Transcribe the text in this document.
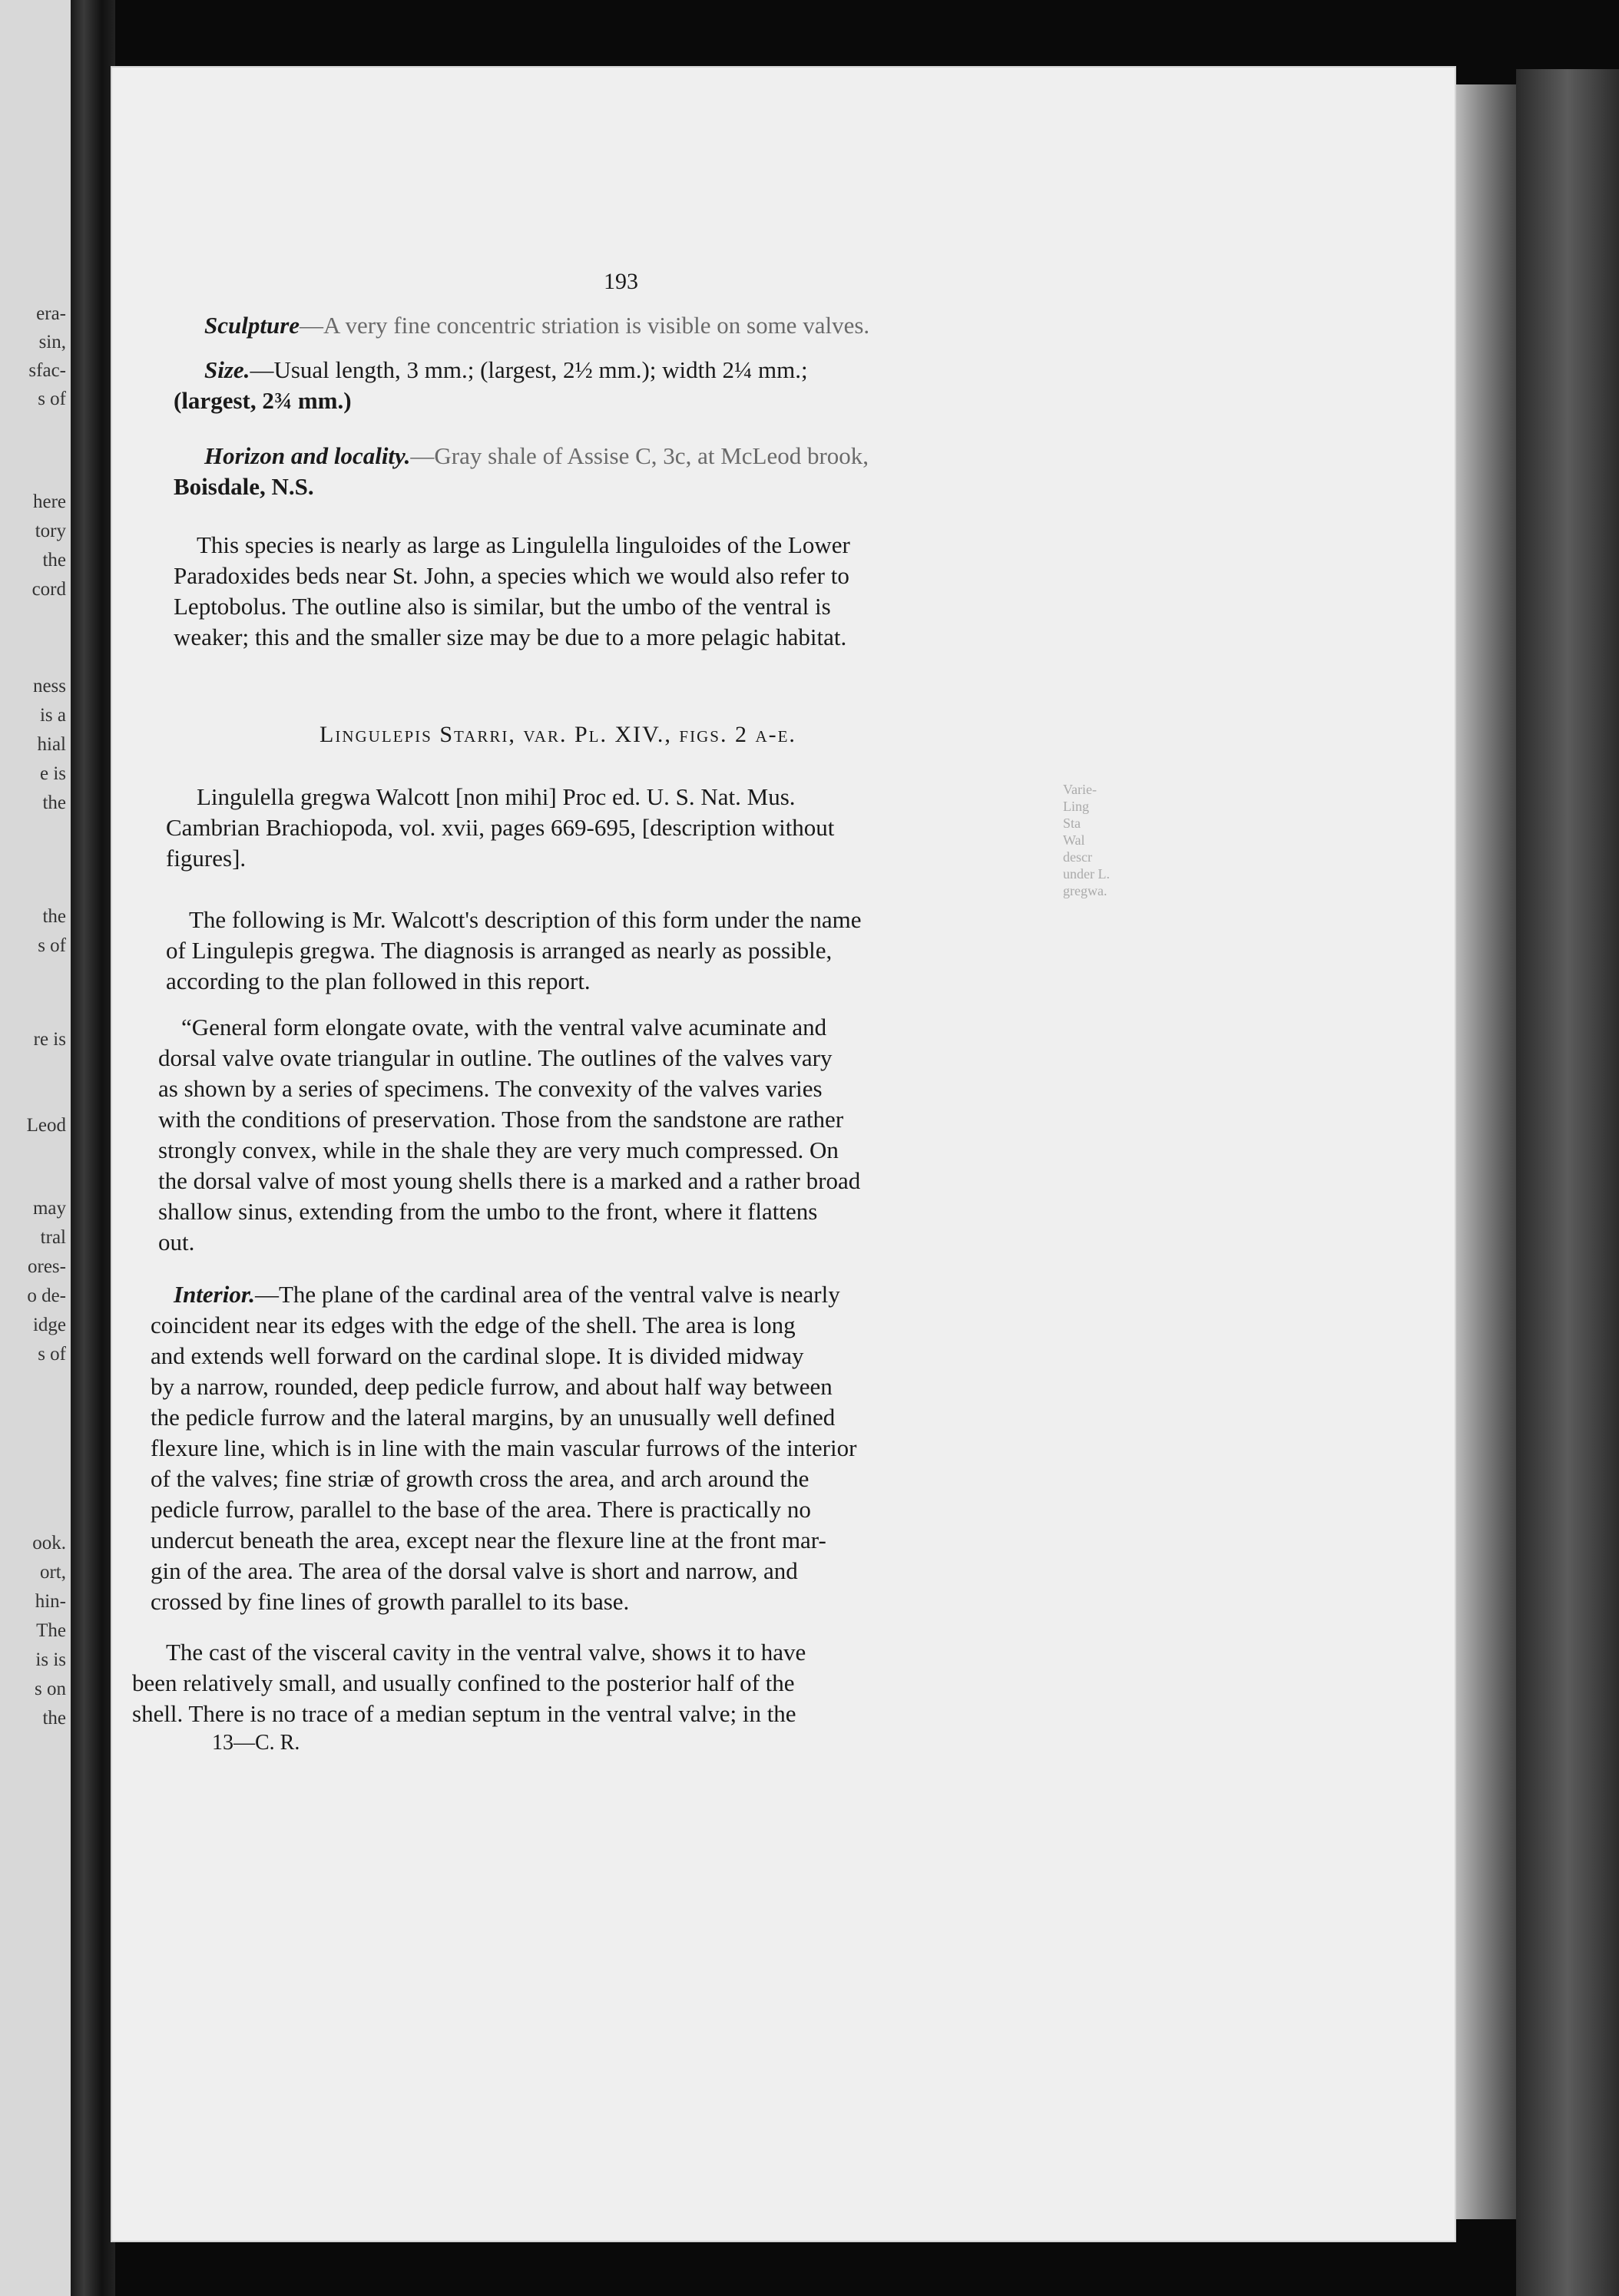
era-
sin,
sfac-
s of
here
tory
the
cord
ness
is a
hial
e is
the
the
s of
re is
Leod
may
tral
ores-
o de-
idge
s of
ook.
ort,
hin-
The
is is
s on
the
193
Sculpture—A very fine concentric striation is visible on some valves.
Size.—Usual length, 3 mm.; (largest, 2½ mm.); width 2¼ mm.;
(largest, 2¾ mm.)
Horizon and locality.—Gray shale of Assise C, 3c, at McLeod brook,
Boisdale, N.S.
This species is nearly as large as Lingulella linguloides of the Lower
Paradoxides beds near St. John, a species which we would also refer to
Leptobolus. The outline also is similar, but the umbo of the ventral is
weaker; this and the smaller size may be due to a more pelagic habitat.
Lingulepis Starri, var. Pl. XIV., figs. 2 a-e.
Lingulella gregwa Walcott [non mihi] Proc ed. U. S. Nat. Mus.
Cambrian Brachiopoda, vol. xvii, pages 669-695, [description without
figures].
Varie-
Ling
Sta
Wal
descr
under L.
gregwa.
The following is Mr. Walcott's description of this form under the name
of Lingulepis gregwa. The diagnosis is arranged as nearly as possible,
according to the plan followed in this report.
“General form elongate ovate, with the ventral valve acuminate and
dorsal valve ovate triangular in outline. The outlines of the valves vary
as shown by a series of specimens. The convexity of the valves varies
with the conditions of preservation. Those from the sandstone are rather
strongly convex, while in the shale they are very much compressed. On
the dorsal valve of most young shells there is a marked and a rather broad
shallow sinus, extending from the umbo to the front, where it flattens
out.
Interior.—The plane of the cardinal area of the ventral valve is nearly
coincident near its edges with the edge of the shell. The area is long
and extends well forward on the cardinal slope. It is divided midway
by a narrow, rounded, deep pedicle furrow, and about half way between
the pedicle furrow and the lateral margins, by an unusually well defined
flexure line, which is in line with the main vascular furrows of the interior
of the valves; fine striæ of growth cross the area, and arch around the
pedicle furrow, parallel to the base of the area. There is practically no
undercut beneath the area, except near the flexure line at the front mar-
gin of the area. The area of the dorsal valve is short and narrow, and
crossed by fine lines of growth parallel to its base.
The cast of the visceral cavity in the ventral valve, shows it to have
been relatively small, and usually confined to the posterior half of the
shell. There is no trace of a median septum in the ventral valve; in the
13—C. R.
